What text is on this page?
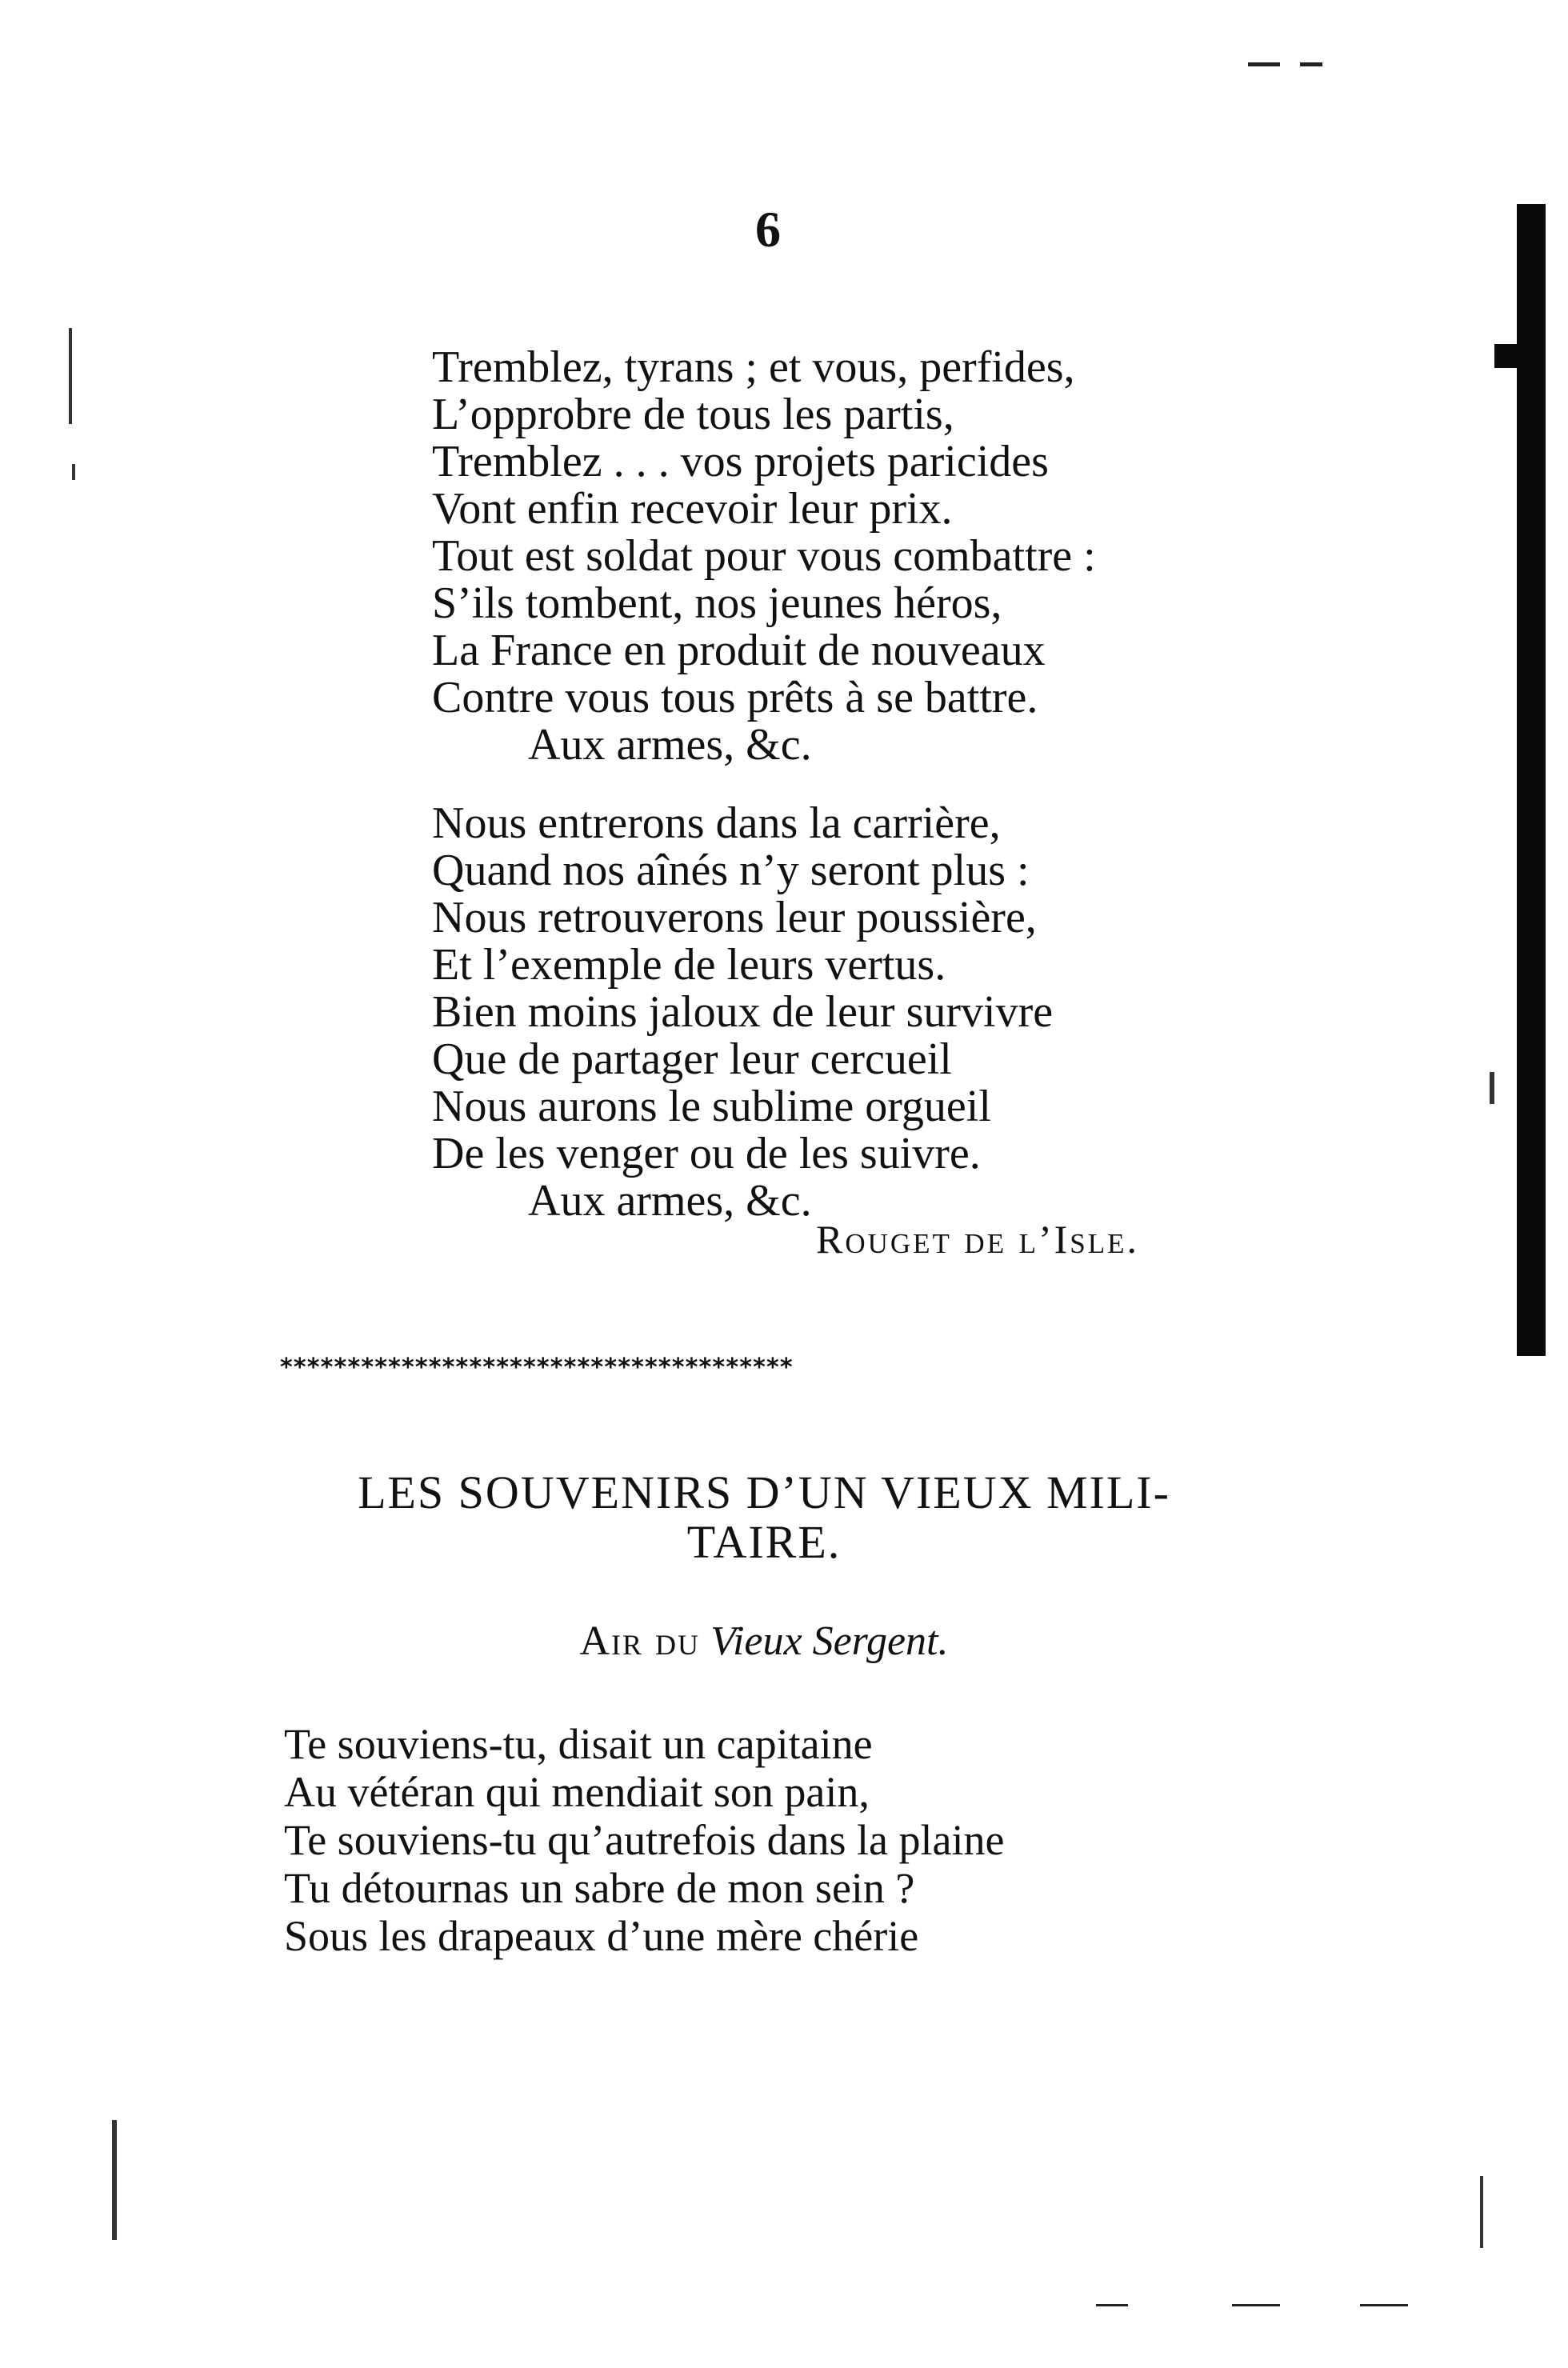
6
Tremblez, tyrans ; et vous, perfides,
L’opprobre de tous les partis,
Tremblez . . . vos projets paricides
Vont enfin recevoir leur prix.
Tout est soldat pour vous combattre :
S’ils tombent, nos jeunes héros,
La France en produit de nouveaux
Contre vous tous prêts à se battre.
Aux armes, &c.
Nous entrerons dans la carrière,
Quand nos aînés n’y seront plus :
Nous retrouverons leur poussière,
Et l’exemple de leurs vertus.
Bien moins jaloux de leur survivre
Que de partager leur cercueil
Nous aurons le sublime orgueil
De les venger ou de les suivre.
Aux armes, &c.
Rouget de l’Isle.
**************************************
LES SOUVENIRS D’UN VIEUX MILI-
TAIRE.
Air du Vieux Sergent.
Te souviens-tu, disait un capitaine
Au vétéran qui mendiait son pain,
Te souviens-tu qu’autrefois dans la plaine
Tu détournas un sabre de mon sein ?
Sous les drapeaux d’une mère chérie
